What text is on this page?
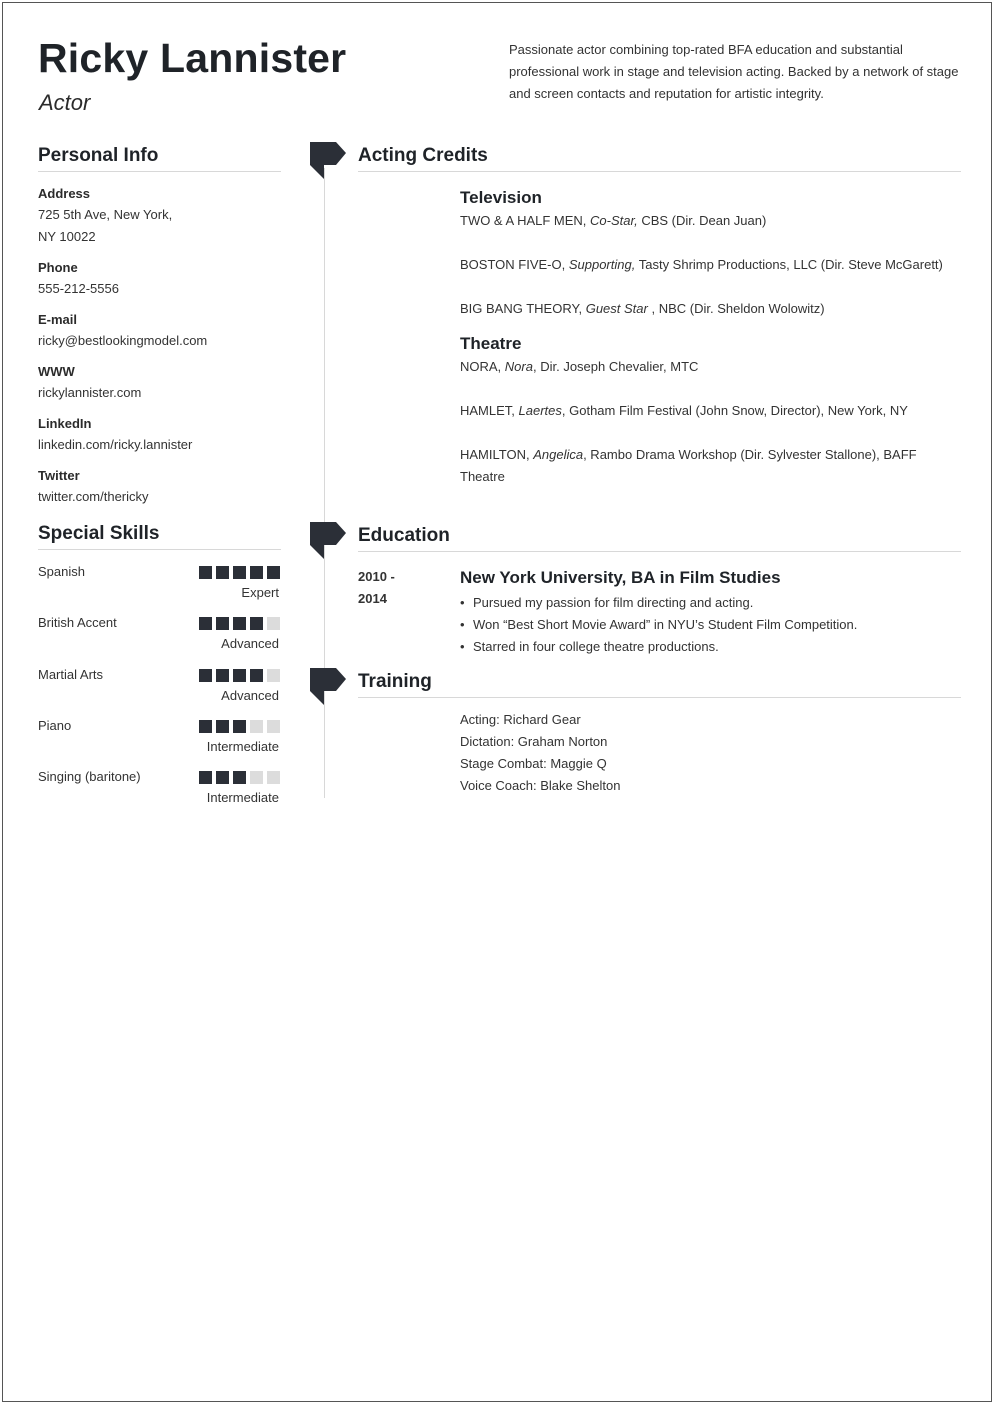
Ricky Lannister
Actor
Passionate actor combining top-rated BFA education and substantial professional work in stage and television acting. Backed by a network of stage and screen contacts and reputation for artistic integrity.
Personal Info
Address
725 5th Ave, New York,
NY 10022
Phone
555-212-5556
E-mail
ricky@bestlookingmodel.com
WWW
rickylannister.com
LinkedIn
linkedin.com/ricky.lannister
Twitter
twitter.com/thericky
Special Skills
Spanish
Expert
British Accent
Advanced
Martial Arts
Advanced
Piano
Intermediate
Singing (baritone)
Intermediate
Acting Credits
Television
TWO & A HALF MEN, Co-Star, CBS (Dir. Dean Juan)
BOSTON FIVE-O, Supporting, Tasty Shrimp Productions, LLC (Dir. Steve McGarett)
BIG BANG THEORY, Guest Star , NBC (Dir. Sheldon Wolowitz)
Theatre
NORA, Nora, Dir. Joseph Chevalier, MTC
HAMLET, Laertes, Gotham Film Festival (John Snow, Director), New York, NY
HAMILTON, Angelica, Rambo Drama Workshop (Dir. Sylvester Stallone), BAFF Theatre
Education
2010 -
2014
New York University, BA in Film Studies
• Pursued my passion for film directing and acting.
• Won “Best Short Movie Award” in NYU’s Student Film Competition.
• Starred in four college theatre productions.
Training
Acting: Richard Gear
Dictation: Graham Norton
Stage Combat: Maggie Q
Voice Coach: Blake Shelton
